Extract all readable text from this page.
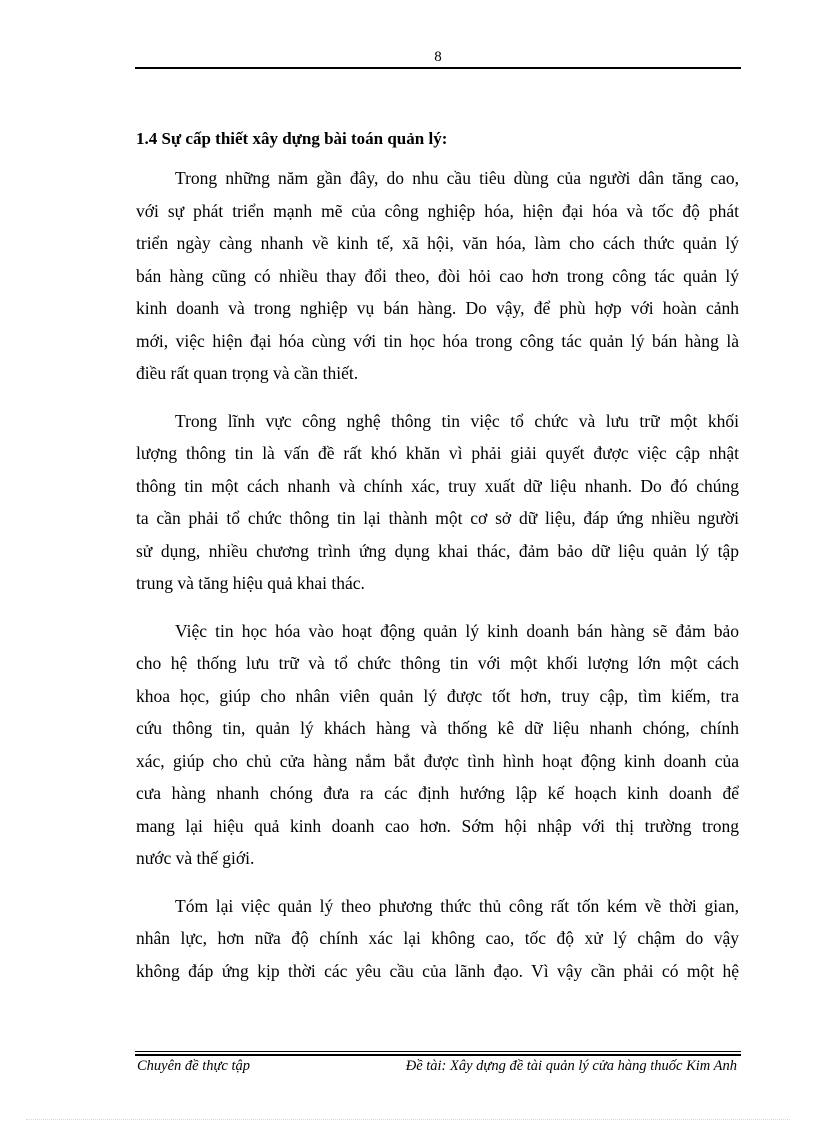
8
1.4 Sự cấp thiết xây dựng bài toán quản lý:
Trong những năm gần đây, do nhu cầu tiêu dùng của người dân tăng cao,
với sự phát triển mạnh mẽ của công nghiệp hóa, hiện đại hóa và tốc độ phát
triển ngày càng nhanh về kinh tế, xã hội, văn hóa, làm cho cách thức quản lý
bán hàng cũng có nhiều thay đổi theo, đòi hỏi cao hơn trong công tác quản lý
kinh doanh và trong nghiệp vụ bán hàng. Do vậy, để phù hợp với hoàn cảnh
mới, việc hiện đại hóa cùng với tin học hóa trong công tác quản lý bán hàng là
điều rất quan trọng và cần thiết.
Trong lĩnh vực công nghệ thông tin việc tổ chức và lưu trữ một khối
lượng thông tin là vấn đề rất khó khăn vì phải giải quyết được việc cập nhật
thông tin một cách nhanh và chính xác, truy xuất dữ liệu nhanh. Do đó chúng
ta cần phải tổ chức thông tin lại thành một cơ sở dữ liệu, đáp ứng nhiều người
sử dụng, nhiều chương trình ứng dụng khai thác, đảm bảo dữ liệu quản lý tập
trung và tăng hiệu quả khai thác.
Việc tin học hóa vào hoạt động quản lý kinh doanh bán hàng sẽ đảm bảo
cho hệ thống lưu trữ và tổ chức thông tin với một khối lượng lớn một cách
khoa học, giúp cho nhân viên quản lý được tốt hơn, truy cập, tìm kiếm, tra
cứu thông tin, quản lý khách hàng và thống kê dữ liệu nhanh chóng, chính
xác, giúp cho chủ cửa hàng nắm bắt được tình hình hoạt động kinh doanh của
cưa hàng nhanh chóng đưa ra các định hướng lập kế hoạch kinh doanh để
mang lại hiệu quả kinh doanh cao hơn. Sớm hội nhập với thị trường trong
nước và thế giới.
Tóm lại việc quản lý theo phương thức thủ công rất tốn kém về thời gian,
nhân lực, hơn nữa độ chính xác lại không cao, tốc độ xử lý chậm do vậy
không đáp ứng kịp thời các yêu cầu của lãnh đạo. Vì vậy cần phải có một hệ
Chuyên đề thực tập	Đề tài: Xây dựng đề tài quản lý cửa hàng thuốc Kim Anh
